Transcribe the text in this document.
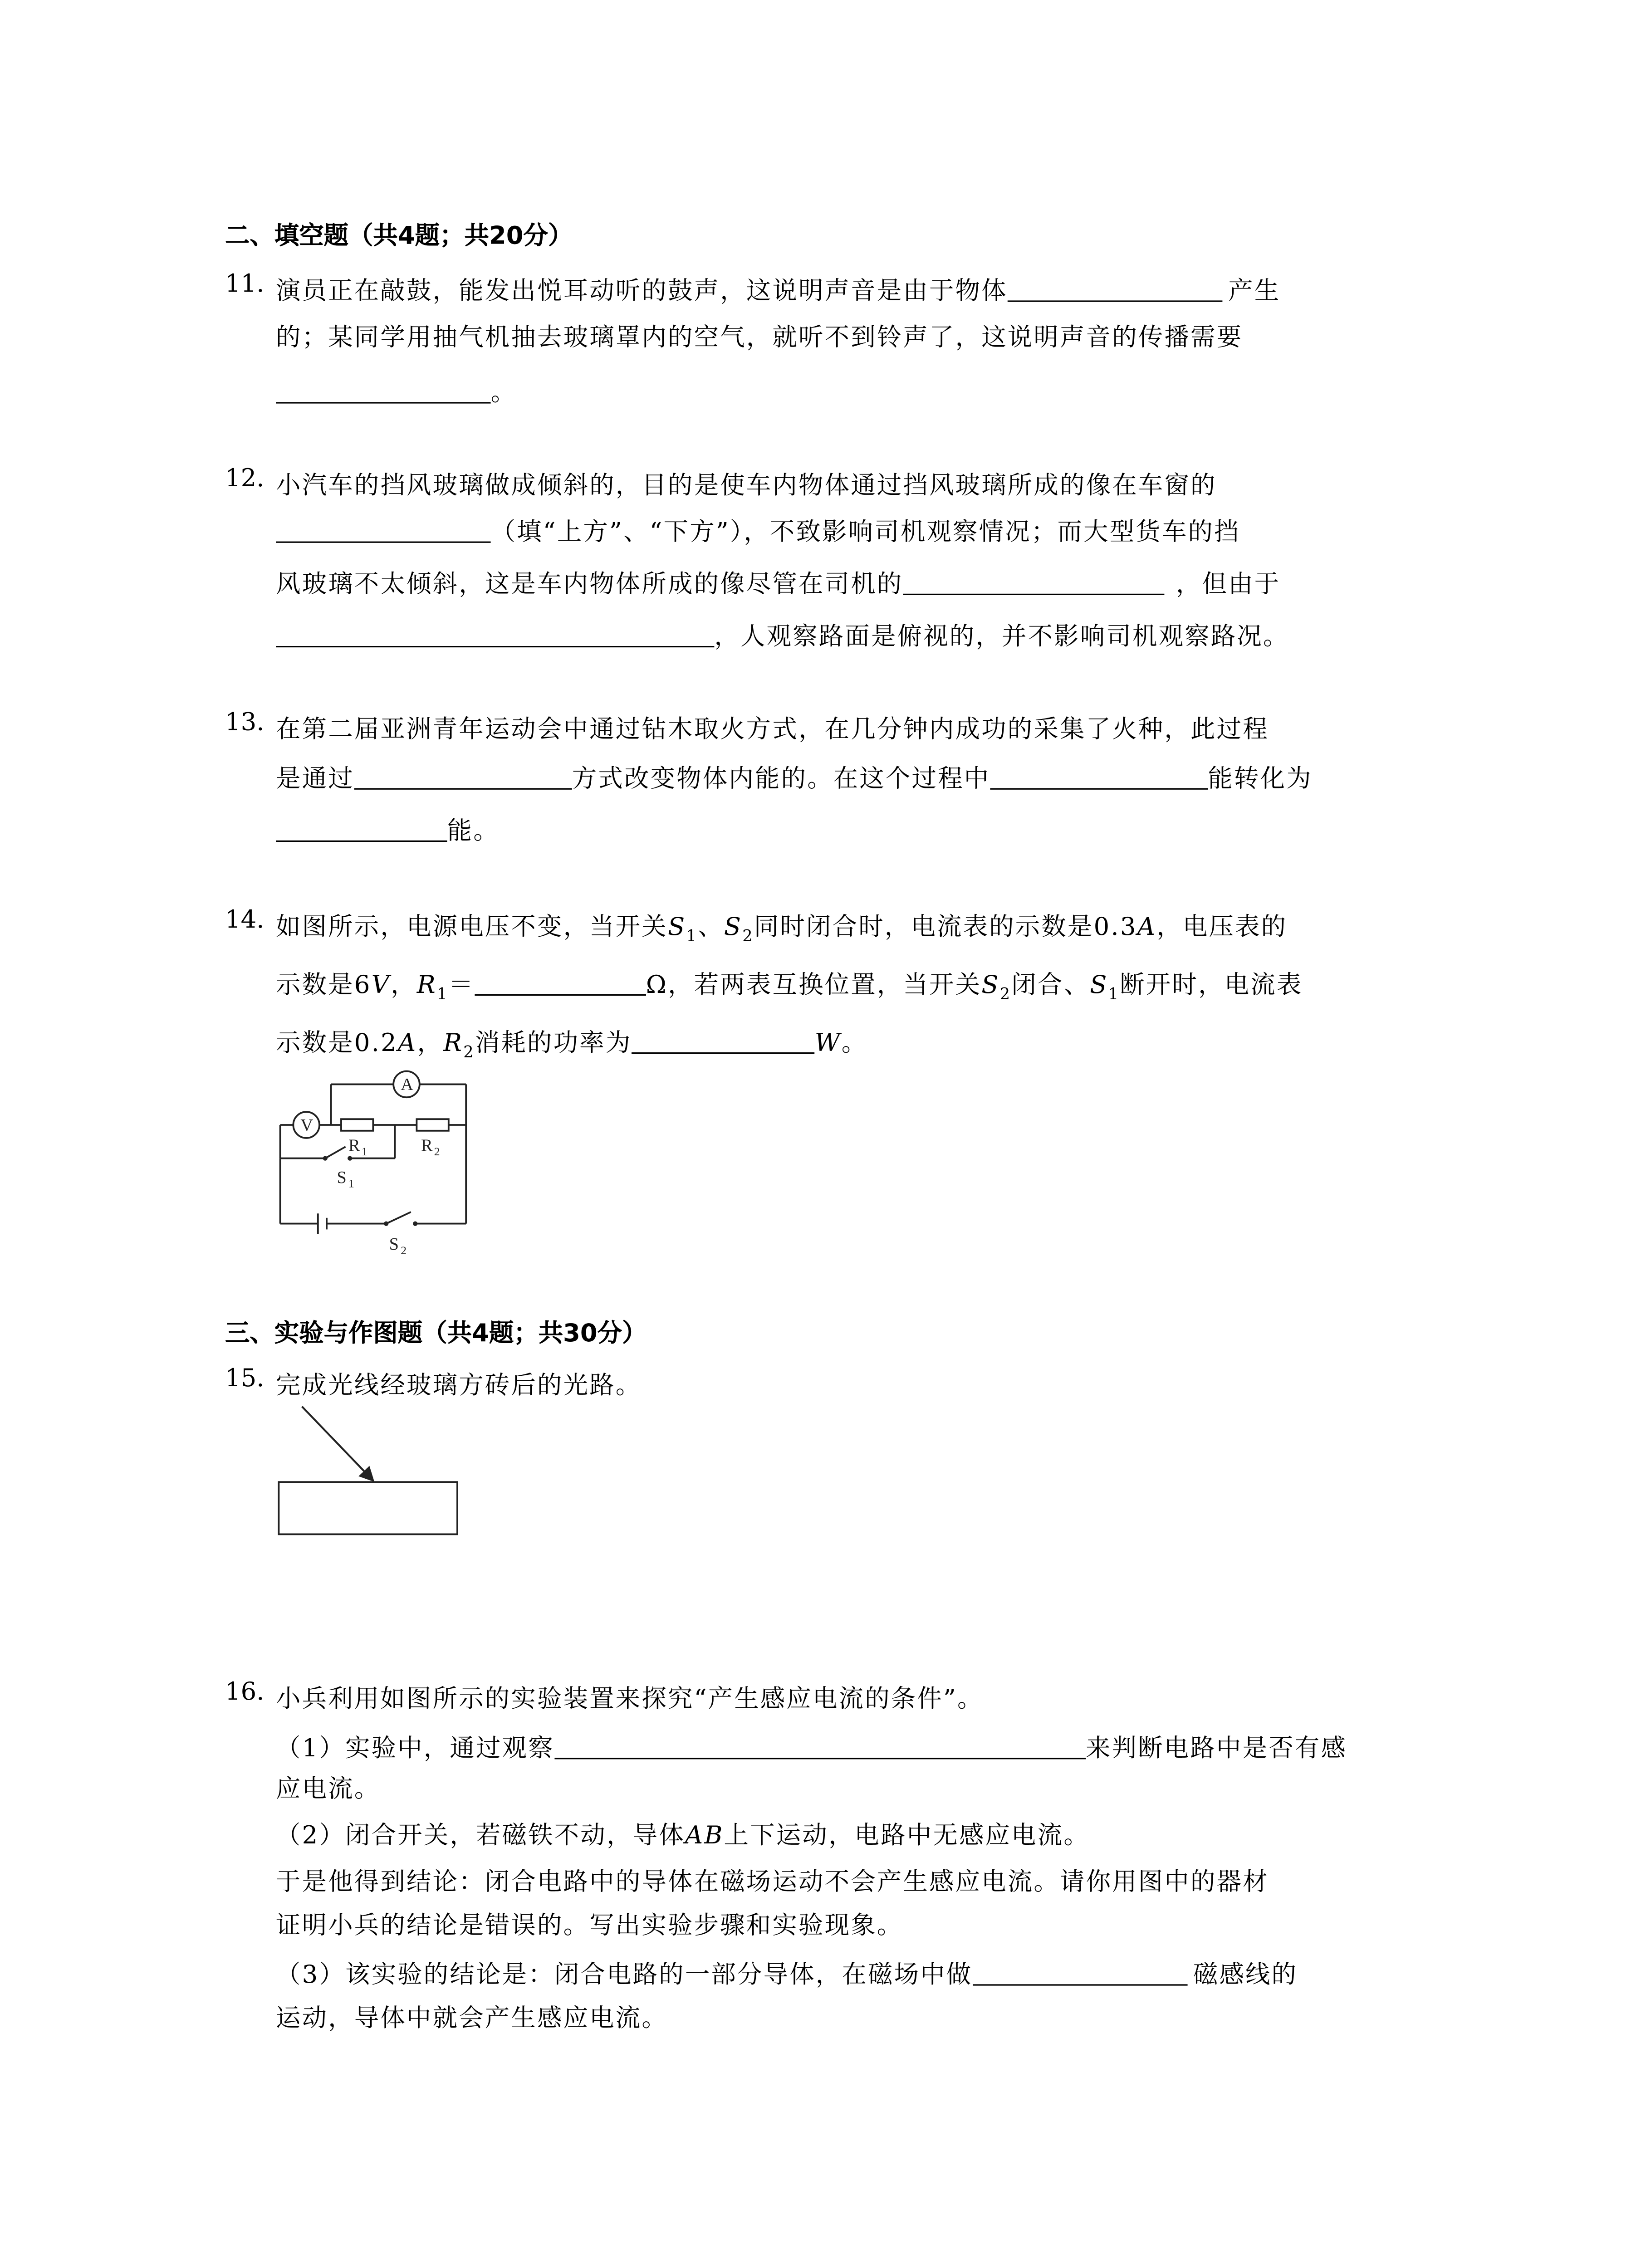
二、填空题（共4题；共20分）
11. 演员正在敲鼓，能发出悦耳动听的鼓声，这说明声音是由于物体	产生
的；某同学用抽气机抽去玻璃罩内的空气，就听不到铃声了，这说明声音的传播需要
。
12. 小汽车的挡风玻璃做成倾斜的，目的是使车内物体通过挡风玻璃所成的像在车窗的
（填“上方”、“下方”），不致影响司机观察情况；而大型货车的挡
风玻璃不太倾斜，这是车内物体所成的像尽管在司机的	，但由于
，人观察路面是俯视的，并不影响司机观察路况。
13. 在第二届亚洲青年运动会中通过钻木取火方式，在几分钟内成功的采集了火种，此过程
是通过	方式改变物体内能的。在这个过程中	能转化为
能。
14. 如图所示，电源电压不变，当开关$S_1$、$S_2$同时闭合时，电流表的示数是0.3A，电压表的
示数是6V，$R_1=$	Ω，若两表互换位置，当开关$S_2$闭合、$S_1$断开时，电流表
示数是0.2A，$R_2$消耗的功率为	W。
A
V
R 1	R 2
S 1
S 2
三、实验与作图题（共4题；共30分）
15. 完成光线经玻璃方砖后的光路。
16. 小兵利用如图所示的实验装置来探究“产生感应电流的条件”。
（1）实验中，通过观察	来判断电路中是否有感
应电流。
（2）闭合开关，若磁铁不动，导体AB上下运动，电路中无感应电流。
于是他得到结论：闭合电路中的导体在磁场运动不会产生感应电流。请你用图中的器材
证明小兵的结论是错误的。写出实验步骤和实验现象。
（3）该实验的结论是：闭合电路的一部分导体，在磁场中做	磁感线的
运动，导体中就会产生感应电流。
